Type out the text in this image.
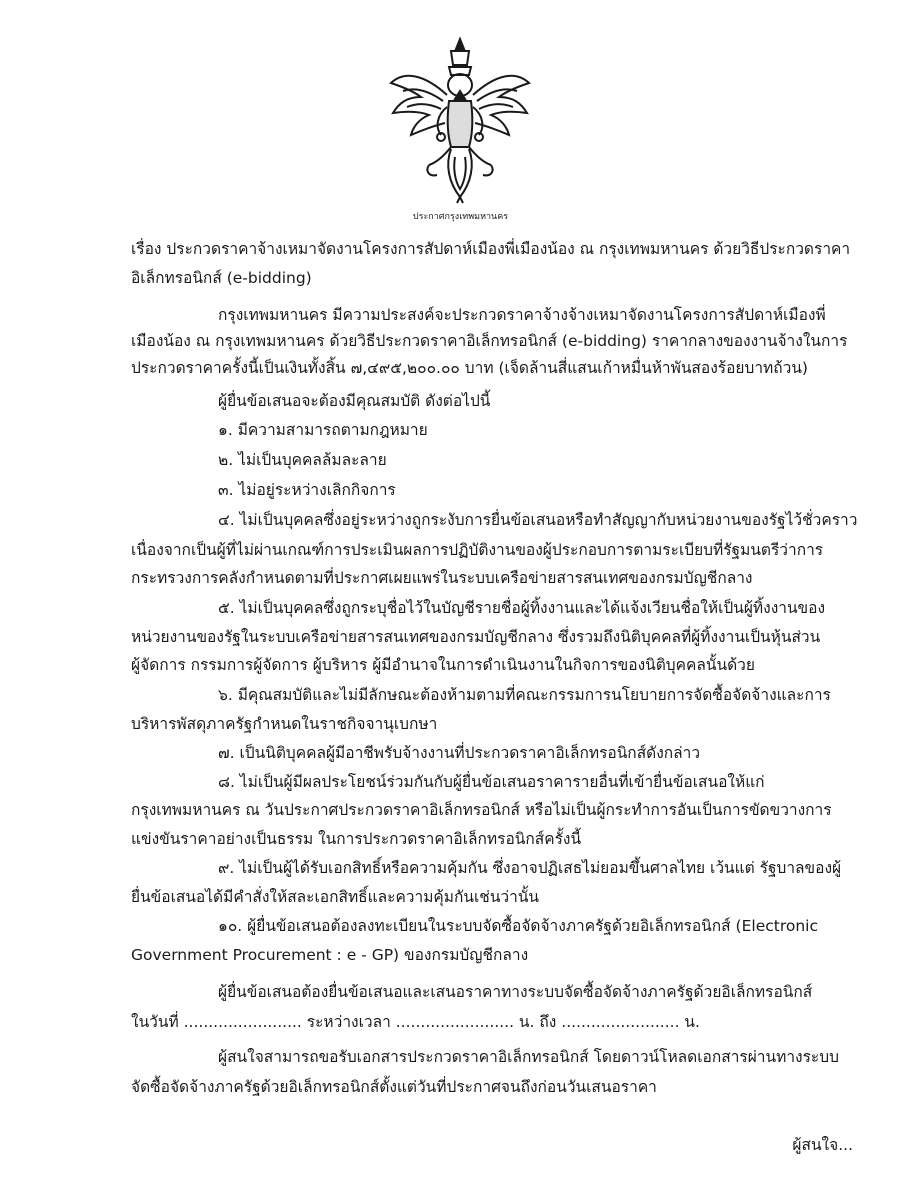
ประกาศกรุงเทพมหานคร
เรื่อง ประกวดราคาจ้างเหมาจัดงานโครงการสัปดาห์เมืองพี่เมืองน้อง ณ กรุงเทพมหานคร ด้วยวิธีประกวดราคา
อิเล็กทรอนิกส์ (e-bidding)
กรุงเทพมหานคร มีความประสงค์จะประกวดราคาจ้างจ้างเหมาจัดงานโครงการสัปดาห์เมืองพี่
เมืองน้อง ณ กรุงเทพมหานคร ด้วยวิธีประกวดราคาอิเล็กทรอนิกส์ (e-bidding) ราคากลางของงานจ้างในการ
ประกวดราคาครั้งนี้เป็นเงินทั้งสิ้น ๗,๔๙๕,๒๐๐.๐๐ บาท (เจ็ดล้านสี่แสนเก้าหมื่นห้าพันสองร้อยบาทถ้วน)
ผู้ยื่นข้อเสนอจะต้องมีคุณสมบัติ ดังต่อไปนี้
๑. มีความสามารถตามกฎหมาย
๒. ไม่เป็นบุคคลล้มละลาย
๓. ไม่อยู่ระหว่างเลิกกิจการ
๔. ไม่เป็นบุคคลซึ่งอยู่ระหว่างถูกระงับการยื่นข้อเสนอหรือทำสัญญากับหน่วยงานของรัฐไว้ชั่วคราว
เนื่องจากเป็นผู้ที่ไม่ผ่านเกณฑ์การประเมินผลการปฏิบัติงานของผู้ประกอบการตามระเบียบที่รัฐมนตรีว่าการ
กระทรวงการคลังกำหนดตามที่ประกาศเผยแพร่ในระบบเครือข่ายสารสนเทศของกรมบัญชีกลาง
๕. ไม่เป็นบุคคลซึ่งถูกระบุชื่อไว้ในบัญชีรายชื่อผู้ทิ้งงานและได้แจ้งเวียนชื่อให้เป็นผู้ทิ้งงานของ
หน่วยงานของรัฐในระบบเครือข่ายสารสนเทศของกรมบัญชีกลาง ซึ่งรวมถึงนิติบุคคลที่ผู้ทิ้งงานเป็นหุ้นส่วน
ผู้จัดการ กรรมการผู้จัดการ ผู้บริหาร ผู้มีอำนาจในการดำเนินงานในกิจการของนิติบุคคลนั้นด้วย
๖. มีคุณสมบัติและไม่มีลักษณะต้องห้ามตามที่คณะกรรมการนโยบายการจัดซื้อจัดจ้างและการ
บริหารพัสดุภาครัฐกำหนดในราชกิจจานุเบกษา
๗. เป็นนิติบุคคลผู้มีอาชีพรับจ้างงานที่ประกวดราคาอิเล็กทรอนิกส์ดังกล่าว
๘. ไม่เป็นผู้มีผลประโยชน์ร่วมกันกับผู้ยื่นข้อเสนอราคารายอื่นที่เข้ายื่นข้อเสนอให้แก่
กรุงเทพมหานคร ณ วันประกาศประกวดราคาอิเล็กทรอนิกส์ หรือไม่เป็นผู้กระทำการอันเป็นการขัดขวางการ
แข่งขันราคาอย่างเป็นธรรม ในการประกวดราคาอิเล็กทรอนิกส์ครั้งนี้
๙. ไม่เป็นผู้ได้รับเอกสิทธิ์หรือความคุ้มกัน ซึ่งอาจปฏิเสธไม่ยอมขึ้นศาลไทย เว้นแต่ รัฐบาลของผู้
ยื่นข้อเสนอได้มีคำสั่งให้สละเอกสิทธิ์และความคุ้มกันเช่นว่านั้น
๑๐. ผู้ยื่นข้อเสนอต้องลงทะเบียนในระบบจัดซื้อจัดจ้างภาครัฐด้วยอิเล็กทรอนิกส์ (Electronic
Government Procurement : e - GP) ของกรมบัญชีกลาง
ผู้ยื่นข้อเสนอต้องยื่นข้อเสนอและเสนอราคาทางระบบจัดซื้อจัดจ้างภาครัฐด้วยอิเล็กทรอนิกส์
ในวันที่ ........................ ระหว่างเวลา ........................ น. ถึง ........................ น.
ผู้สนใจสามารถขอรับเอกสารประกวดราคาอิเล็กทรอนิกส์ โดยดาวน์โหลดเอกสารผ่านทางระบบ
จัดซื้อจัดจ้างภาครัฐด้วยอิเล็กทรอนิกส์ตั้งแต่วันที่ประกาศจนถึงก่อนวันเสนอราคา
ผู้สนใจ...
